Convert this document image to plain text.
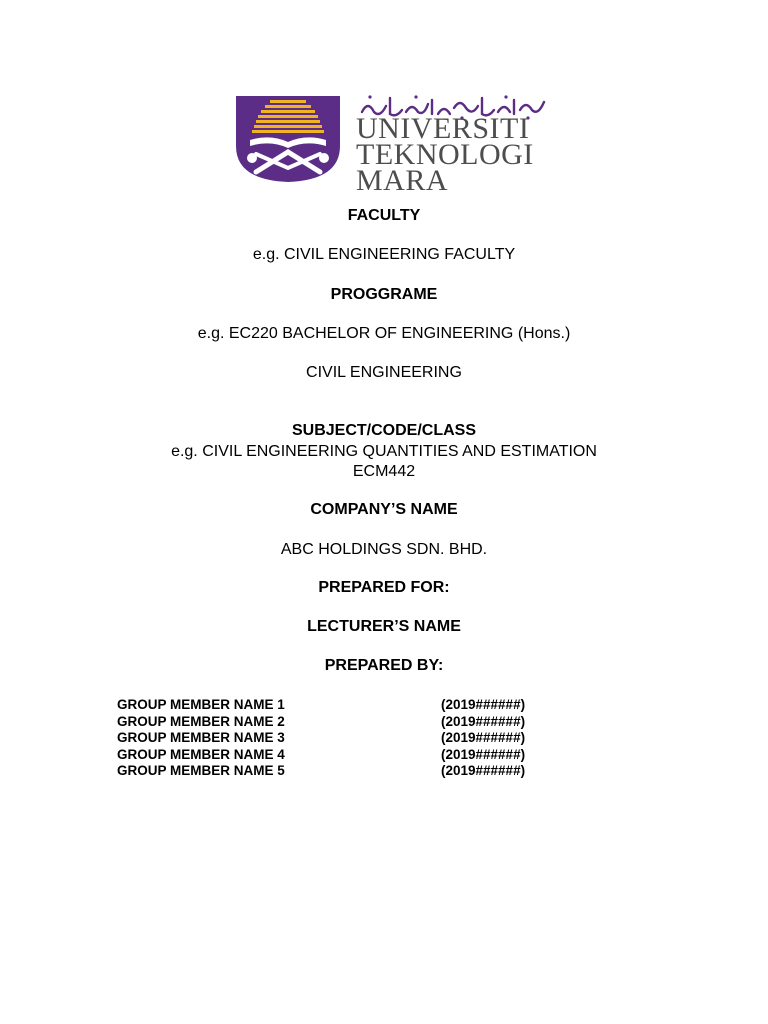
UNIVERSITI
TEKNOLOGI
MARA
FACULTY
e.g. CIVIL ENGINEERING FACULTY
PROGGRAME
e.g. EC220 BACHELOR OF ENGINEERING (Hons.)
CIVIL ENGINEERING
SUBJECT/CODE/CLASS
e.g. CIVIL ENGINEERING QUANTITIES AND ESTIMATION
ECM442
COMPANY’S NAME
ABC HOLDINGS SDN. BHD.
PREPARED FOR:
LECTURER’S NAME
PREPARED BY:
GROUP MEMBER NAME 1	(2019######)
GROUP MEMBER NAME 2	(2019######)
GROUP MEMBER NAME 3	(2019######)
GROUP MEMBER NAME 4	(2019######)
GROUP MEMBER NAME 5	(2019######)
